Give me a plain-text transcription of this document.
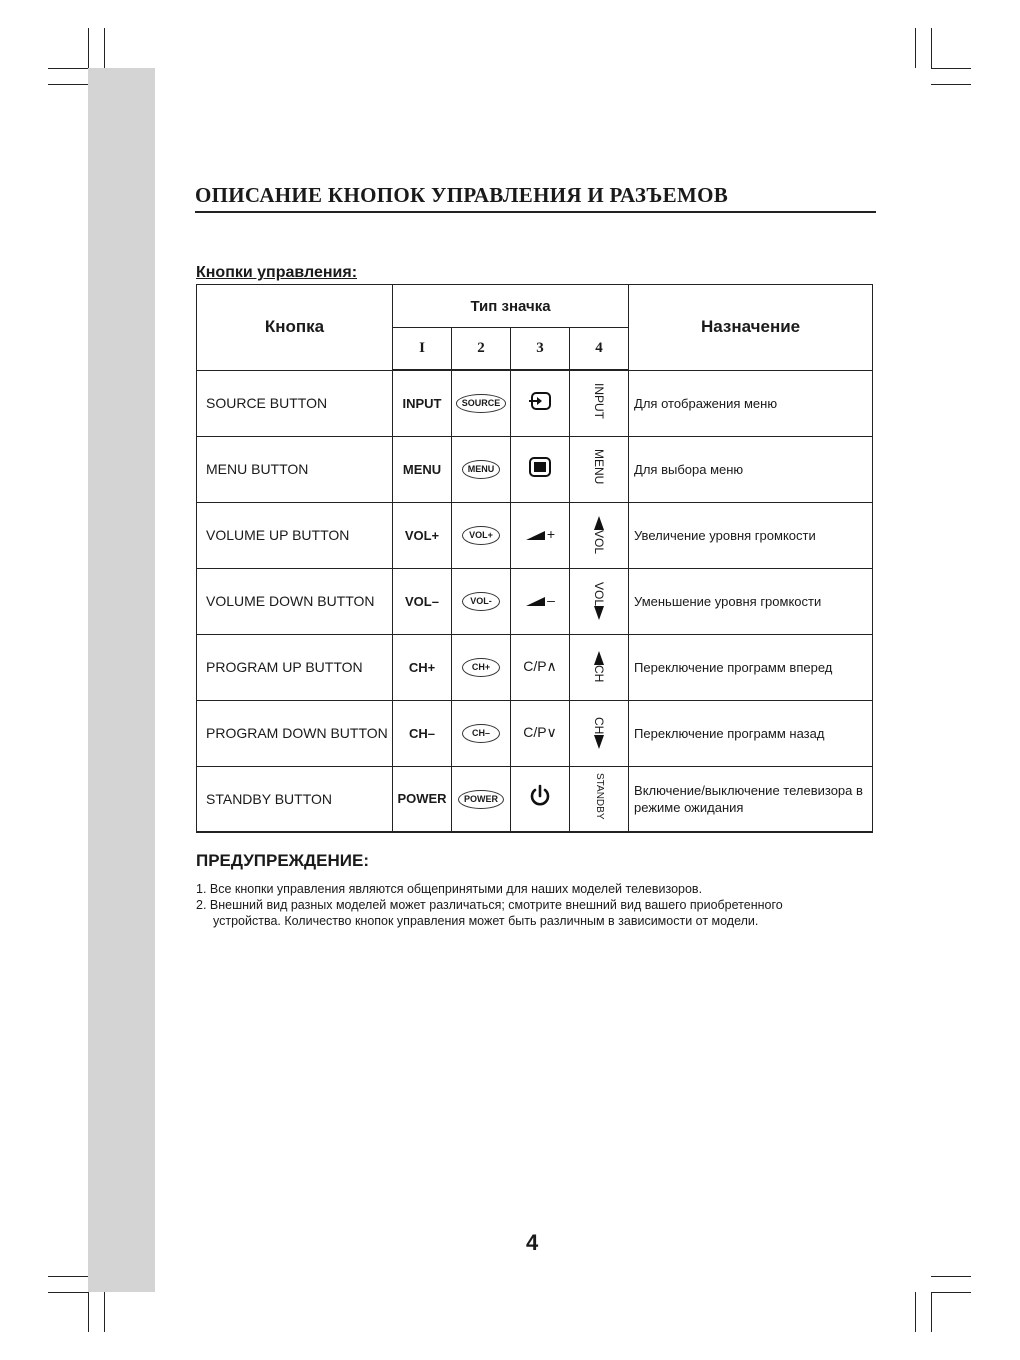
ОПИСАНИЕ КНОПОК УПРАВЛЕНИЯ И РАЗЪЕМОВ
Кнопки управления:
Кнопка	Тип значка				Назначение
	I	2	3	4	
SOURCE BUTTON	INPUT	SOURCE		INPUT	Для отображения меню
MENU BUTTON	MENU	MENU		MENU	Для выбора меню
VOLUME UP BUTTON	VOL+	VOL+	+	VOL	Увеличение уровня громкости
VOLUME DOWN BUTTON	VOL–	VOL-	–	VOL	Уменьшение уровня громкости
PROGRAM UP BUTTON	CH+	CH+	C/P∧	CH	Переключение программ вперед
PROGRAM DOWN BUTTON	CH–	CH–	C/P∨	CH	Переключение программ назад
STANDBY BUTTON	POWER	POWER		STANDBY	Включение/выключение телевизора в режиме ожидания
ПРЕДУПРЕЖДЕНИЕ:
1. Все кнопки управления являются общепринятыми для наших моделей телевизоров.
2. Внешний вид разных моделей может различаться; смотрите внешний вид вашего приобретенного
устройства. Количество кнопок управления может быть различным в зависимости от модели.
4
